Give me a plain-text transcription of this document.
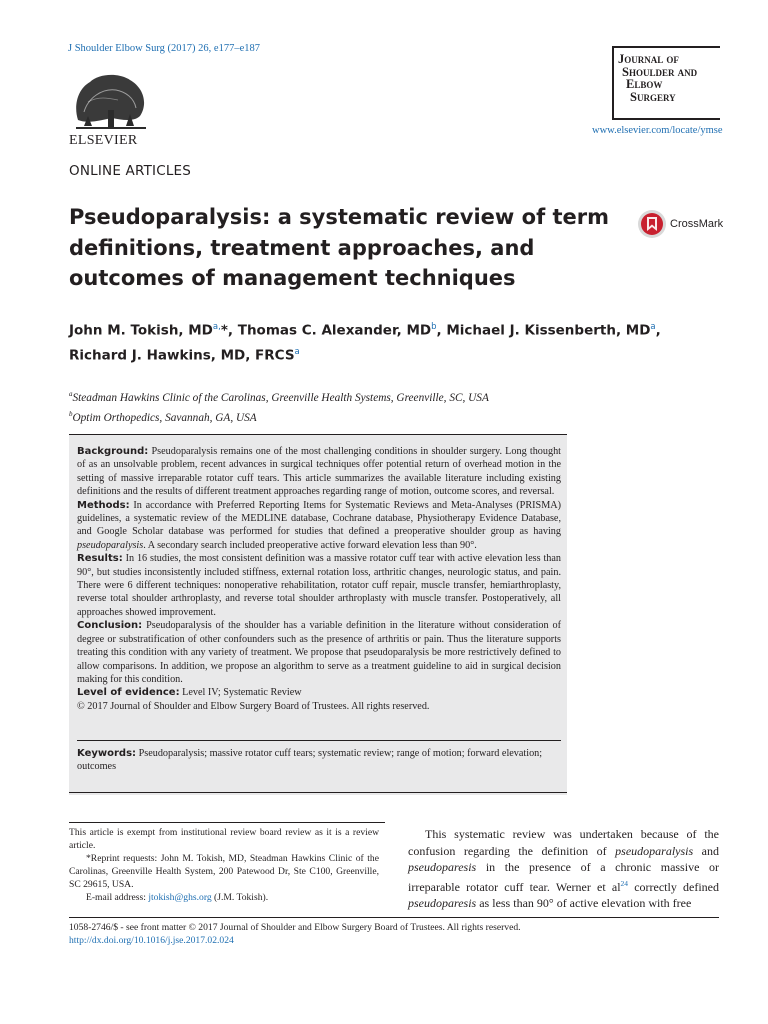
J Shoulder Elbow Surg (2017) 26, e177–e187
ELSEVIER
Journal of
Shoulder and
Elbow
Surgery
www.elsevier.com/locate/ymse
ONLINE ARTICLES
Pseudoparalysis: a systematic review of term definitions, treatment approaches, and outcomes of management techniques
CrossMark
John M. Tokish, $MD^{a,}*$, Thomas C. Alexander, $MD^b$, Michael J. Kissenberth, $MD^a$,
Richard J. Hawkins, MD, FRCS$^a$
$^a$Steadman Hawkins Clinic of the Carolinas, Greenville Health Systems, Greenville, SC, USA
$^b$Optim Orthopedics, Savannah, GA, USA

Background: Pseudoparalysis remains one of the most challenging conditions in shoulder surgery. Long thought of as an unsolvable problem, recent advances in surgical techniques offer potential return of overhead motion in the setting of massive irreparable rotator cuff tears. This article summarizes the available literature including existing definitions and the results of different treatment approaches regarding range of motion, outcome scores, and reversal.

Methods: In accordance with Preferred Reporting Items for Systematic Reviews and Meta-Analyses (PRISMA) guidelines, a systematic review of the MEDLINE database, Cochrane database, Physiotherapy Evidence Database, and Google Scholar database was performed for studies that defined a preoperative shoulder group as having pseudoparalysis. A secondary search included preoperative active forward elevation less than 90°.

Results: In 16 studies, the most consistent definition was a massive rotator cuff tear with active elevation less than 90°, but studies inconsistently included stiffness, external rotation loss, arthritic changes, neurologic status, and pain. There were 6 different techniques: nonoperative rehabilitation, rotator cuff repair, muscle transfer, hemiarthroplasty, reverse total shoulder arthroplasty, and reverse total shoulder arthroplasty with muscle transfer. Postoperatively, all approaches showed improvement.

Conclusion: Pseudoparalysis of the shoulder has a variable definition in the literature without consideration of degree or substratification of other confounders such as the presence of arthritis or pain. Thus the literature supports treating this condition with any variety of treatment. We propose that pseudoparalysis be more restrictively defined to allow comparisons. In addition, we propose an algorithm to serve as a treatment guideline to aid in surgical decision making for this condition.

Level of evidence: Level IV; Systematic Review

© 2017 Journal of Shoulder and Elbow Surgery Board of Trustees. All rights reserved.

Keywords: Pseudoparalysis; massive rotator cuff tears; systematic review; range of motion; forward elevation; outcomes

This article is exempt from institutional review board review as it is a review article.

*Reprint requests: John M. Tokish, MD, Steadman Hawkins Clinic of the Carolinas, Greenville Health System, 200 Patewood Dr, Ste C100, Greenville, SC 29615, USA.

E-mail address: jtokish@ghs.org (J.M. Tokish).

This systematic review was undertaken because of the confusion regarding the definition of pseudoparalysis and pseudoparesis in the presence of a chronic massive or irreparable rotator cuff tear. Werner et $al^{24}$ correctly defined pseudoparesis as less than 90° of active elevation with free

1058-2746/$ - see front matter © 2017 Journal of Shoulder and Elbow Surgery Board of Trustees. All rights reserved.
http://dx.doi.org/10.1016/j.jse.2017.02.024
